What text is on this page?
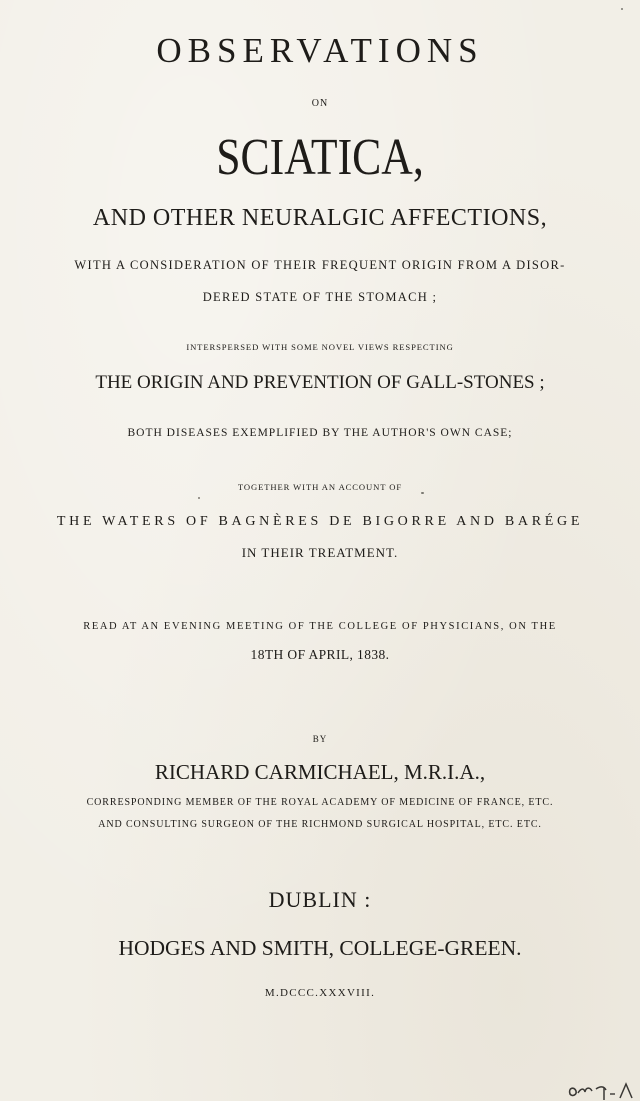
OBSERVATIONS
ON
SCIATICA,
AND OTHER NEURALGIC AFFECTIONS,
WITH A CONSIDERATION OF THEIR FREQUENT ORIGIN FROM A DISOR-
DERED STATE OF THE STOMACH ;
INTERSPERSED WITH SOME NOVEL VIEWS RESPECTING
THE ORIGIN AND PREVENTION OF GALL-STONES ;
BOTH DISEASES EXEMPLIFIED BY THE AUTHOR'S OWN CASE;
TOGETHER WITH AN ACCOUNT OF
THE WATERS OF BAGNÈRES DE BIGORRE AND BARÉGE
IN THEIR TREATMENT.
READ AT AN EVENING MEETING OF THE COLLEGE OF PHYSICIANS, ON THE
18TH OF APRIL, 1838.
BY
RICHARD CARMICHAEL, M.R.I.A.,
CORRESPONDING MEMBER OF THE ROYAL ACADEMY OF MEDICINE OF FRANCE, ETC.
AND CONSULTING SURGEON OF THE RICHMOND SURGICAL HOSPITAL, ETC. ETC.
DUBLIN :
HODGES AND SMITH, COLLEGE-GREEN.
M.DCCC.XXXVIII.
